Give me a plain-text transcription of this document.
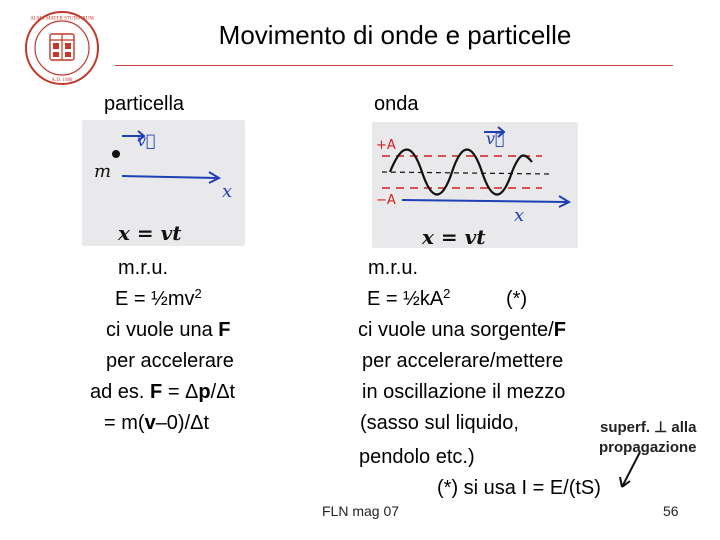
ALMA MATER STUDIORUM
A.D. 1088
Movimento di onde e particelle
particella	onda
v⃗
m
x
x = vt
v⃗
+A
−A
x
x = vt
m.r.u.
$E = \frac{1}{2}mv^2$
ci vuole una F
per accelerare
ad es. F = Δp/Δt
= m(v–0)/Δt
m.r.u.
$E = \frac{1}{2}kA^2$	(*)
ci vuole una sorgente/F
per accelerare/mettere
in oscillazione il mezzo
(sasso sul liquido,
pendolo etc.)
(*) si usa I = E/(tS)
superf. ⊥ alla
propagazione
FLN mag 07	56
